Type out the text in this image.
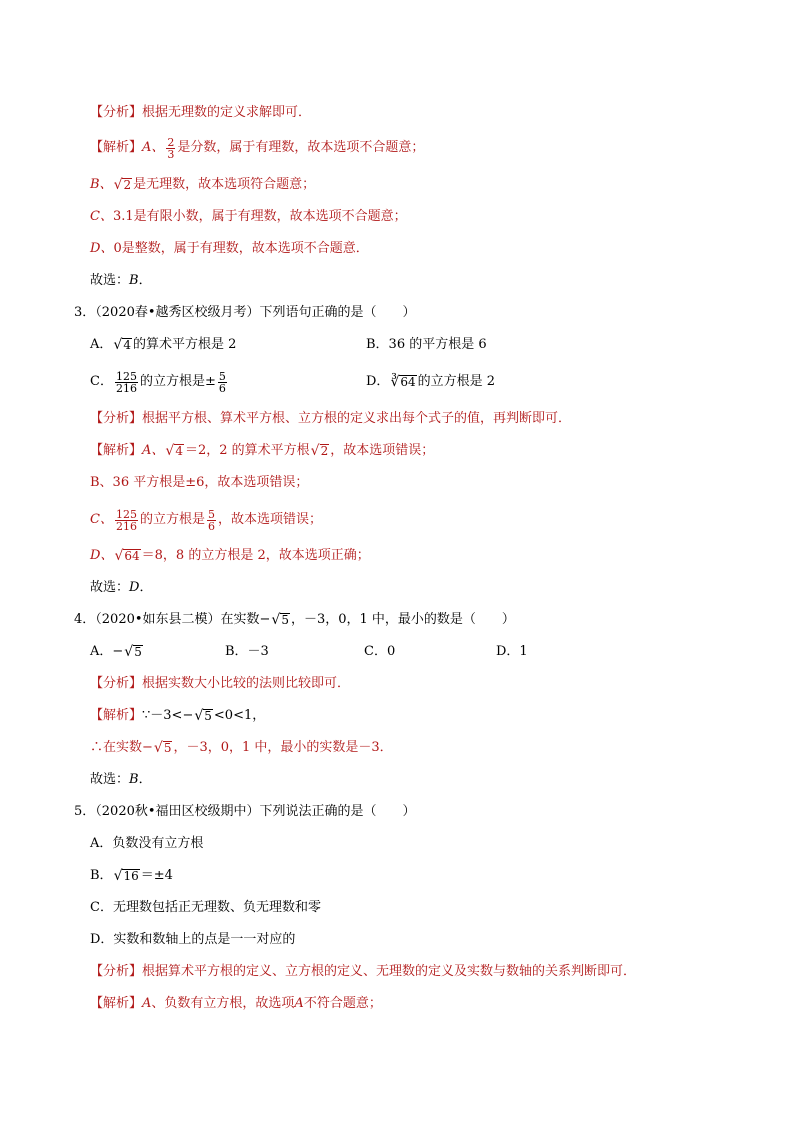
【分析】 根据无理数的定义求解即可．
【解析】 A、 $\frac{2}{3}$ 是分数，属于有理数，故本选项不合题意；
B、 √ 2 是无理数，故本选项符合题意；
C、 3.1是有限小数，属于有理数，故本选项不合题意；
D、 0是整数，属于有理数，故本选项不合题意．
故选： B ．
3．（2020春•越秀区校级月考）下列语句正确的是（　　）
A． √ 4 的算术平方根是 2	B．36 的平方根是 6
C． $\frac{125}{216}$ 的立方根是± $\frac{5}{6}$	D． ∛ 64 的立方根是 2
【分析】 根据平方根、算术平方根、立方根的定义求出每个式子的值，再判断即可．
【解析】 A、 √ 4 ＝2，2 的算术平方根 √ 2 ，故本选项错误；
B、36 平方根是±6，故本选项错误；
C、 $\frac{125}{216}$ 的立方根是 $\frac{5}{6}$ ，故本选项错误；
D、 √ 64 ＝8，8 的立方根是 2，故本选项正确；
故选： D ．
4．（2020•如东县二模）在实数− √ 5 ，－3，0，1 中，最小的数是（　　）
A．− √ 5	B．－3	C．0	D．1
【分析】 根据实数大小比较的法则比较即可．
【解析】 ∵－3<− √ 5 <0<1，
∴在实数− √ 5 ，－3，0，1 中，最小的实数是－3．
故选： B ．
5．（2020秋•福田区校级期中）下列说法正确的是（　　）
A．负数没有立方根
B． √ 16 ＝±4
C．无理数包括正无理数、负无理数和零
D．实数和数轴上的点是一一对应的
【分析】 根据算术平方根的定义、立方根的定义、无理数的定义及实数与数轴的关系判断即可．
【解析】 A 、负数有立方根，故选项 A 不符合题意；
